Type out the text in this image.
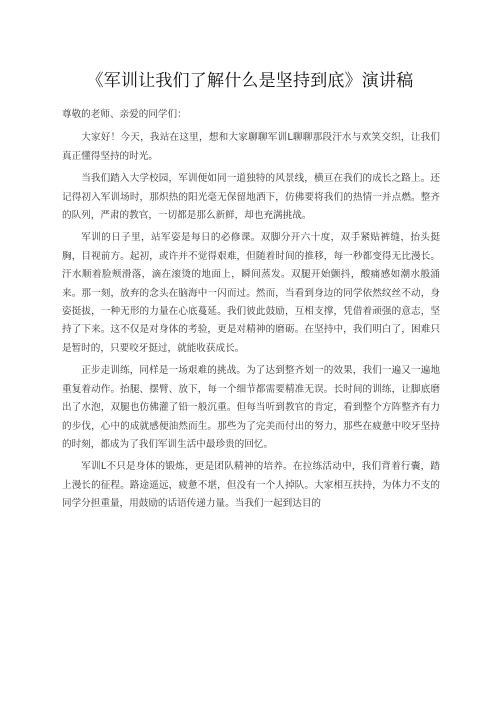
《军训让我们了解什么是坚持到底》演讲稿

尊敬的老师、亲爱的同学们：

大家好！今天，我站在这里，想和大家聊聊军训L聊聊那段汗水与欢笑交织，让我们真正懂得坚持的时光。

当我们踏入大学校园，军训便如同一道独特的风景线，横亘在我们的成长之路上。还记得初入军训场时，那炽热的阳光毫无保留地洒下，仿佛要将我们的热情一并点燃。整齐的队列，严肃的教官，一切都是那么新鲜，却也充满挑战。

军训的日子里，站军姿是每日的必修课。双脚分开六十度，双手紧贴裤缝，抬头挺胸，目视前方。起初，或许并不觉得艰难，但随着时间的推移，每一秒都变得无比漫长。汗水顺着脸颊滑落，滴在滚烫的地面上，瞬间蒸发。双腿开始颤抖，酸痛感如潮水般涌来。那一刻，放弃的念头在脑海中一闪而过。然而，当看到身边的同学依然纹丝不动，身姿挺拔，一种无形的力量在心底蔓延。我们彼此鼓励，互相支撑，凭借着顽强的意志，坚持了下来。这不仅是对身体的考验，更是对精神的磨砺。在坚持中，我们明白了，困难只是暂时的，只要咬牙挺过，就能收获成长。

正步走训练，同样是一场艰难的挑战。为了达到整齐划一的效果，我们一遍又一遍地重复着动作。抬腿、摆臂、放下，每一个细节都需要精准无误。长时间的训练，让脚底磨出了水泡，双腿也仿佛灌了铅一般沉重。但每当听到教官的肯定，看到整个方阵整齐有力的步伐，心中的成就感便油然而生。那些为了完美而付出的努力，那些在疲惫中咬牙坚持的时刻，都成为了我们军训生活中最珍贵的回忆。

军训L不只是身体的锻炼，更是团队精神的培养。在拉练活动中，我们背着行囊，踏上漫长的征程。路途遥远，疲惫不堪，但没有一个人掉队。大家相互扶持，为体力不支的同学分担重量，用鼓励的话语传递力量。当我们一起到达目的
